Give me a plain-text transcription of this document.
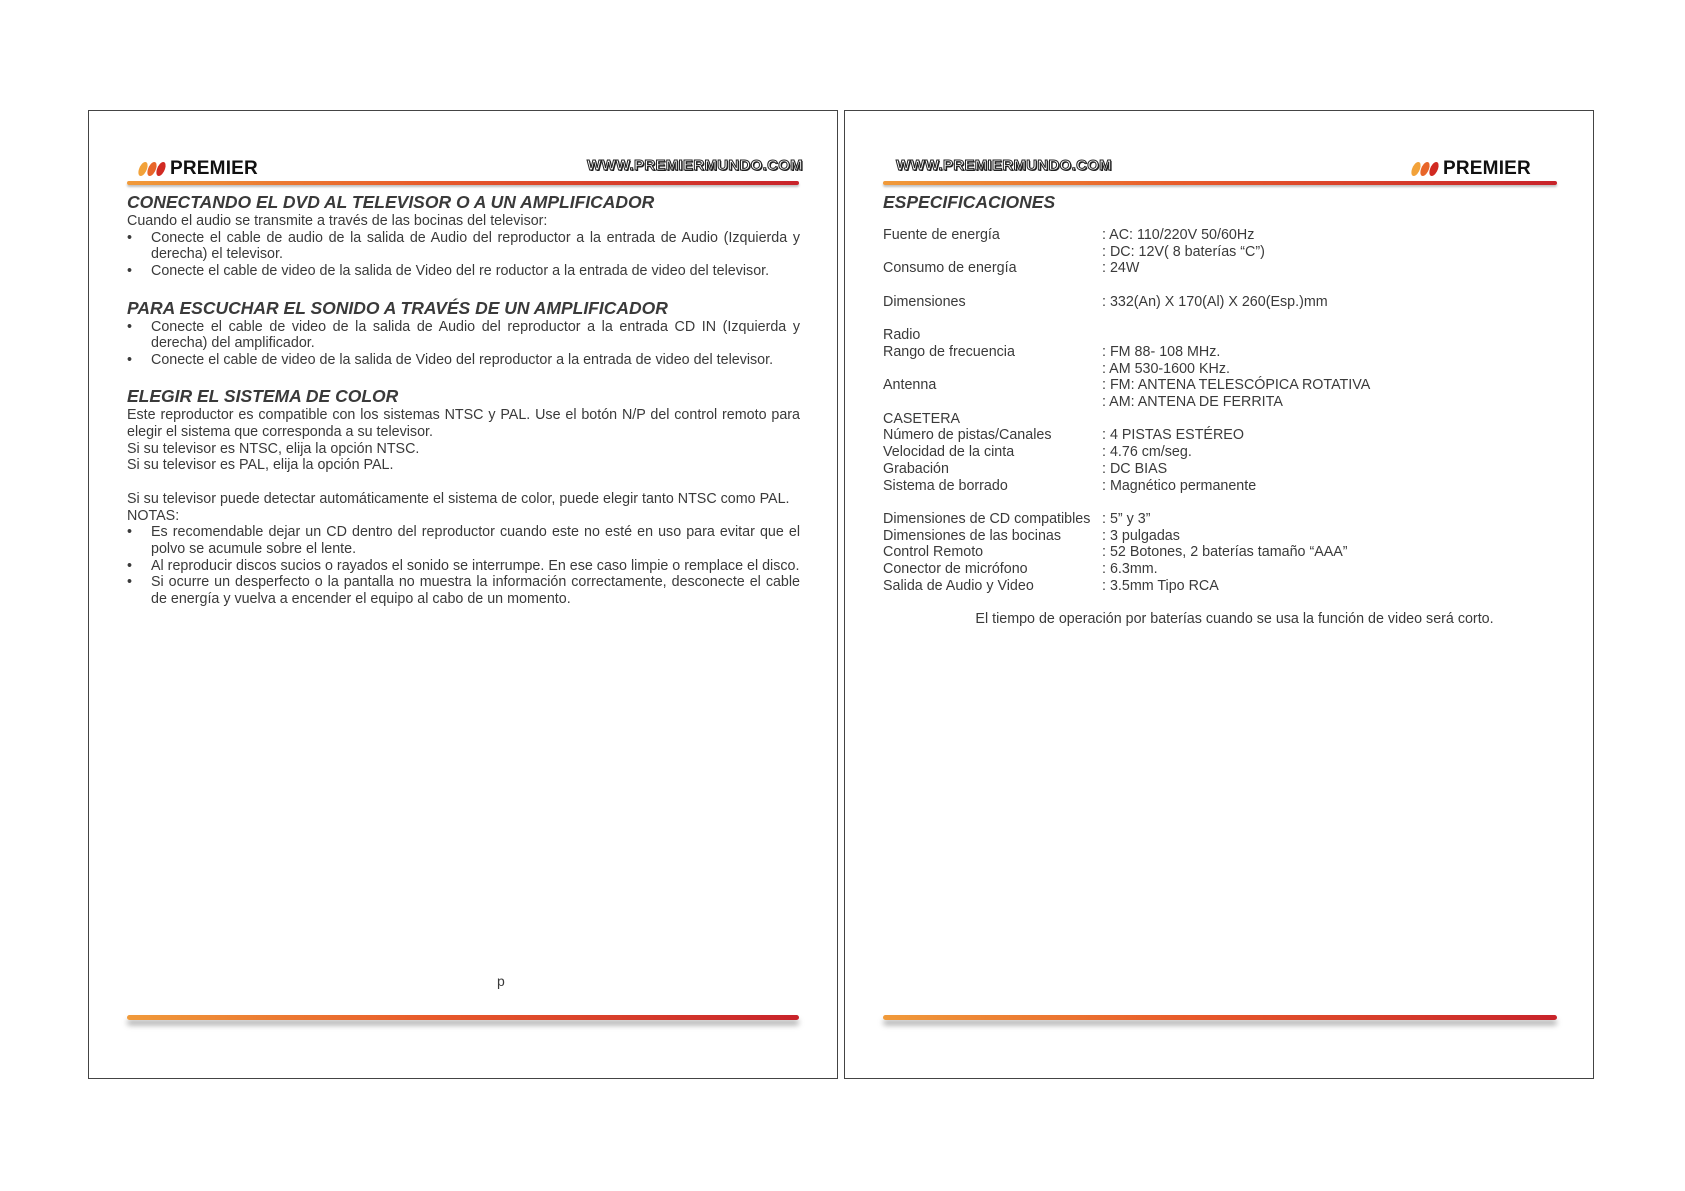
PREMIER	WWW.PREMIERMUNDO.COM
CONECTANDO EL DVD AL TELEVISOR O A UN AMPLIFICADOR

Cuando el audio se transmite a través de las bocinas del televisor:

• Conecte el cable de audio de la salida de Audio del reproductor a la entrada de Audio (Izquierda y derecha) el televisor.
• Conecte el cable de video de la salida de Video del re roductor a la entrada de video del televisor.
PARA ESCUCHAR EL SONIDO A TRAVÉS DE UN AMPLIFICADOR
• Conecte el cable de video de la salida de Audio del reproductor a la entrada CD IN (Izquierda y derecha) del amplificador.
• Conecte el cable de video de la salida de Video del reproductor a la entrada de video del televisor.
ELEGIR EL SISTEMA DE COLOR

Este reproductor es compatible con los sistemas NTSC y PAL. Use el botón N/P del control remoto para elegir el sistema que corresponda a su televisor.

Si su televisor es NTSC, elija la opción NTSC.

Si su televisor es PAL, elija la opción PAL.

Si su televisor puede detectar automáticamente el sistema de color, puede elegir tanto NTSC como PAL.

NOTAS:

• Es recomendable dejar un CD dentro del reproductor cuando este no esté en uso para evitar que el polvo se acumule sobre el lente.
• Al reproducir discos sucios o rayados el sonido se interrumpe. En ese caso limpie o remplace el disco.
• Si ocurre un desperfecto o la pantalla no muestra la información correctamente, desconecte el cable de energía y vuelva a encender el equipo al cabo de un momento.
p
WWW.PREMIERMUNDO.COM	PREMIER
ESPECIFICACIONES
Fuente de energía	: AC: 110/220V 50/60Hz
	: DC: 12V( 8 baterías “C”)
Consumo de energía	: 24W

Dimensiones	: 332(An) X 170(Al) X 260(Esp.)mm

Radio	
Rango de frecuencia	: FM 88- 108 MHz.
	: AM 530-1600 KHz.
Antenna	: FM: ANTENA TELESCÓPICA ROTATIVA
	: AM: ANTENA DE FERRITA
CASETERA	
Número de pistas/Canales	: 4 PISTAS ESTÉREO
Velocidad de la cinta	: 4.76 cm/seg.
Grabación	: DC BIAS
Sistema de borrado	: Magnético permanente

Dimensiones de CD compatibles	: 5” y 3”
Dimensiones de las bocinas	: 3 pulgadas
Control Remoto	: 52 Botones, 2 baterías tamaño “AAA”
Conector de micrófono	: 6.3mm.
Salida de Audio y Video	: 3.5mm Tipo RCA

El tiempo de operación por baterías cuando se usa la función de video será corto.
